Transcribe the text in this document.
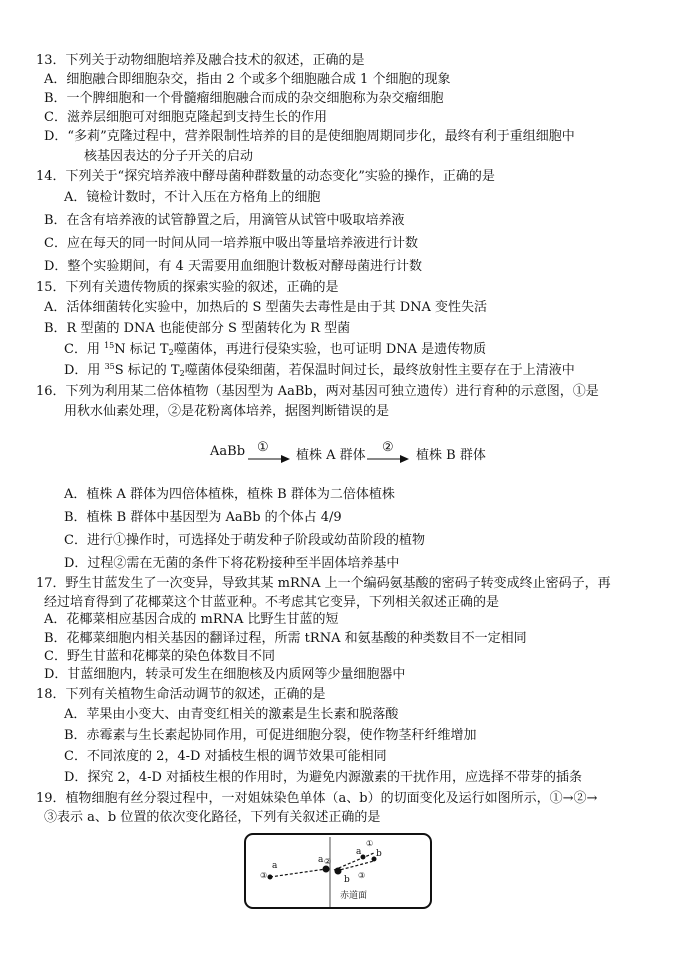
13．下列关于动物细胞培养及融合技术的叙述，正确的是
A．细胞融合即细胞杂交，指由 2 个或多个细胞融合成 1 个细胞的现象
B．一个脾细胞和一个骨髓瘤细胞融合而成的杂交细胞称为杂交瘤细胞
C．滋养层细胞可对细胞克隆起到支持生长的作用
D．“多莉”克隆过程中，营养限制性培养的目的是使细胞周期同步化，最终有利于重组细胞中
核基因表达的分子开关的启动
14．下列关于“探究培养液中酵母菌种群数量的动态变化”实验的操作，正确的是
A．镜检计数时，不计入压在方格角上的细胞
B．在含有培养液的试管静置之后，用滴管从试管中吸取培养液
C．应在每天的同一时间从同一培养瓶中吸出等量培养液进行计数
D．整个实验期间，有 4 天需要用血细胞计数板对酵母菌进行计数
15．下列有关遗传物质的探索实验的叙述，正确的是
A．活体细菌转化实验中，加热后的 S 型菌失去毒性是由于其 DNA 变性失活
B．R 型菌的 DNA 也能使部分 S 型菌转化为 R 型菌
C．用 $^{15}$N 标记 $T_2$噬菌体，再进行侵染实验，也可证明 DNA 是遗传物质
D．用 $^{35}$S 标记的 $T_2$噬菌体侵染细菌，若保温时间过长，最终放射性主要存在于上清液中
16．下列为利用某二倍体植物（基因型为 AaBb，两对基因可独立遗传）进行育种的示意图，①是
用秋水仙素处理，②是花粉离体培养，据图判断错误的是
AaBb ①
植株 A 群体
②
植株 B 群体
A．植株 A 群体为四倍体植株，植株 B 群体为二倍体植株
B．植株 B 群体中基因型为 AaBb 的个体占 4/9
C．进行①操作时，可选择处于萌发种子阶段或幼苗阶段的植物
D．过程②需在无菌的条件下将花粉接种至半固体培养基中
17．野生甘蓝发生了一次变异，导致其某 mRNA 上一个编码氨基酸的密码子转变成终止密码子，再
经过培育得到了花椰菜这个甘蓝亚种。不考虑其它变异，下列相关叙述正确的是
A．花椰菜相应基因合成的 mRNA 比野生甘蓝的短
B．花椰菜细胞内相关基因的翻译过程，所需 tRNA 和氨基酸的种类数目不一定相同
C．野生甘蓝和花椰菜的染色体数目不同
D．甘蓝细胞内，转录可发生在细胞核及内质网等少量细胞器中
18．下列有关植物生命活动调节的叙述，正确的是
A．苹果由小变大、由青变红相关的激素是生长素和脱落酸
B．赤霉素与生长素起协同作用，可促进细胞分裂，使作物茎秆纤维增加
C．不同浓度的 2，4-D 对插枝生根的调节效果可能相同
D．探究 2，4-D 对插枝生根的作用时，为避免内源激素的干扰作用，应选择不带芽的插条
19．植物细胞有丝分裂过程中，一对姐妹染色单体（a、b）的切面变化及运行如图所示，①→②→
③表示 a、b 位置的依次变化路径，下列有关叙述正确的是
③
a
a ②
b
a
①
b
③
赤道面
